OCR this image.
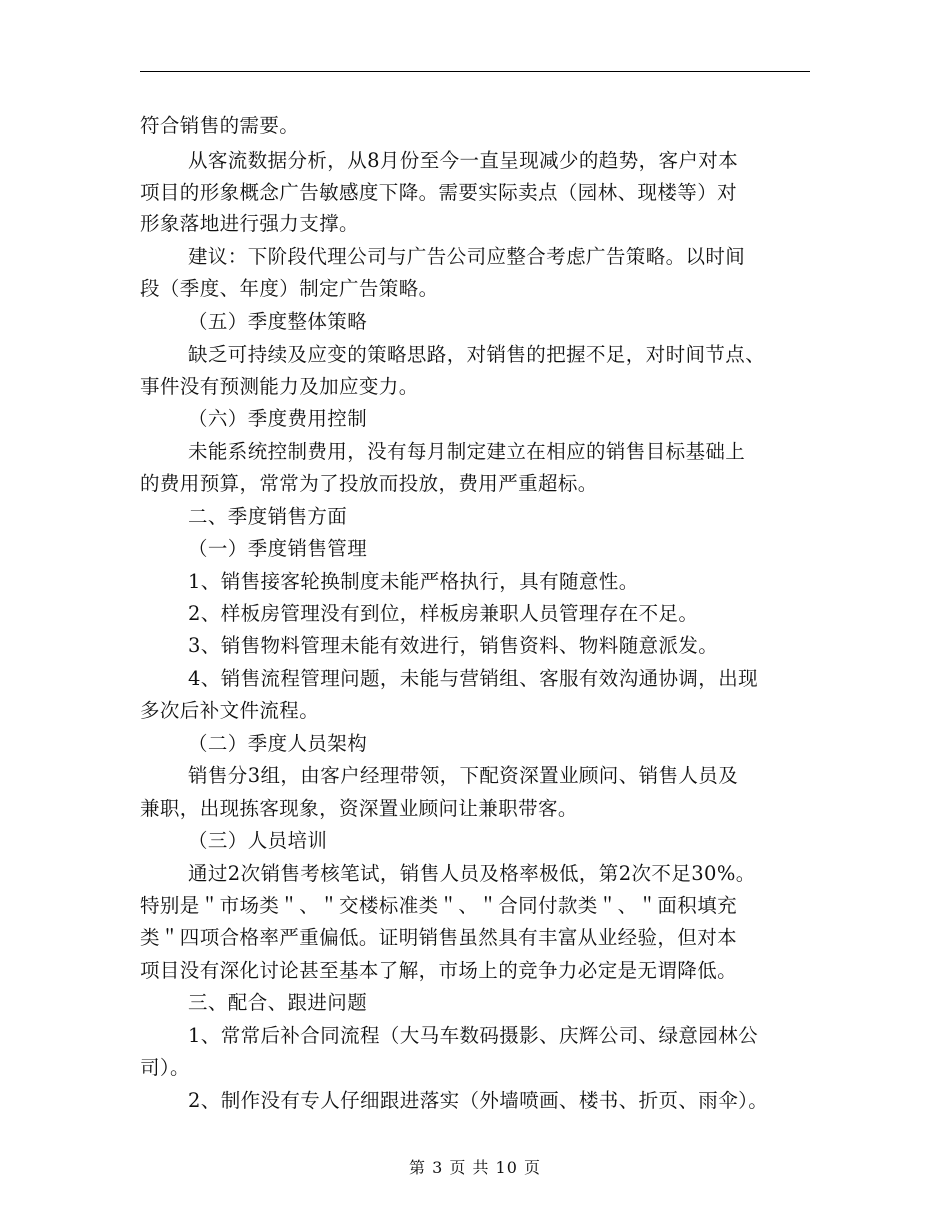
符合销售的需要。
从客流数据分析，从8月份至今一直呈现减少的趋势，客户对本
项目的形象概念广告敏感度下降。需要实际卖点（园林、现楼等）对
形象落地进行强力支撑。
建议：下阶段代理公司与广告公司应整合考虑广告策略。以时间
段（季度、年度）制定广告策略。
（五）季度整体策略
缺乏可持续及应变的策略思路，对销售的把握不足，对时间节点、
事件没有预测能力及加应变力。
（六）季度费用控制
未能系统控制费用，没有每月制定建立在相应的销售目标基础上
的费用预算，常常为了投放而投放，费用严重超标。
二、季度销售方面
（一）季度销售管理
1、销售接客轮换制度未能严格执行，具有随意性。
2、样板房管理没有到位，样板房兼职人员管理存在不足。
3、销售物料管理未能有效进行，销售资料、物料随意派发。
4、销售流程管理问题，未能与营销组、客服有效沟通协调，出现
多次后补文件流程。
（二）季度人员架构
销售分3组，由客户经理带领，下配资深置业顾问、销售人员及
兼职，出现拣客现象，资深置业顾问让兼职带客。
（三）人员培训
通过2次销售考核笔试，销售人员及格率极低，第2次不足30%。
特别是＂市场类＂、＂交楼标准类＂、＂合同付款类＂、＂面积填充
类＂四项合格率严重偏低。证明销售虽然具有丰富从业经验，但对本
项目没有深化讨论甚至基本了解，市场上的竞争力必定是无谓降低。
三、配合、跟进问题
1、常常后补合同流程（大马车数码摄影、庆辉公司、绿意园林公
司）。
2、制作没有专人仔细跟进落实（外墙喷画、楼书、折页、雨伞）。
第 3 页 共 10 页
